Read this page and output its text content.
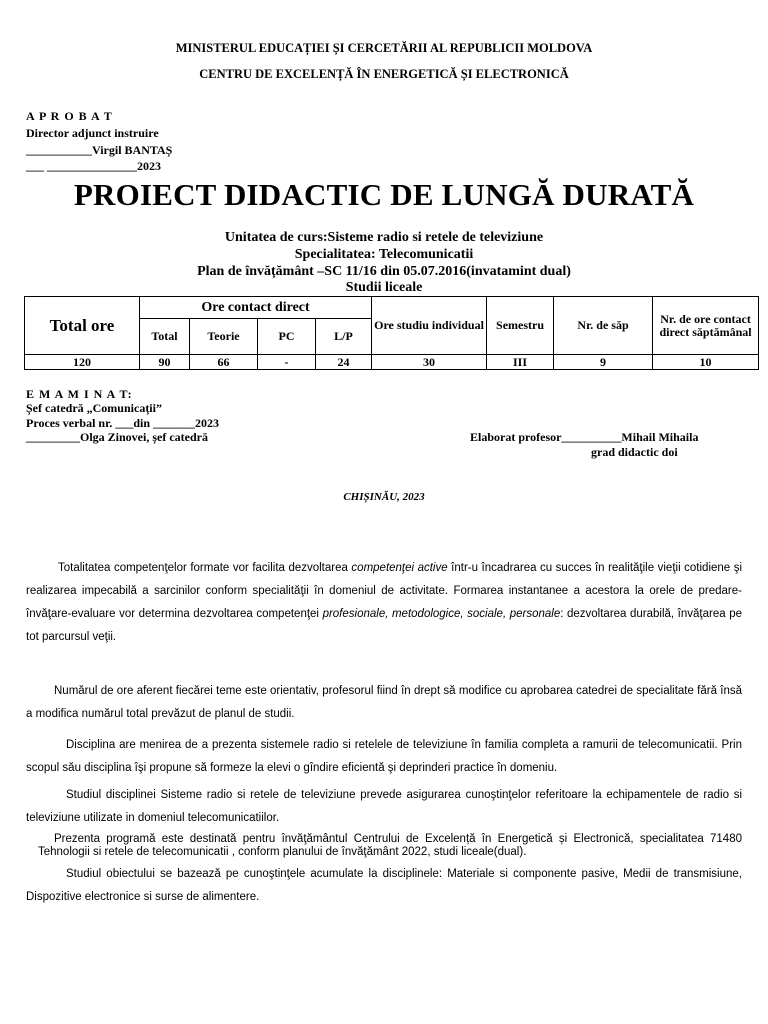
MINISTERUL EDUCAȚIEI ȘI CERCETĂRII AL REPUBLICII MOLDOVA
CENTRU DE EXCELENȚĂ ÎN ENERGETICĂ ȘI ELECTRONICĂ
A P R O B A T
Director adjunct instruire
___________Virgil BANTAȘ
___ _______________2023
PROIECT DIDACTIC DE LUNGĂ DURATĂ
Unitatea de curs:Sisteme radio si retele de televiziune
Specialitatea: Telecomunicatii
Plan de învățământ –SC 11/16 din 05.07.2016(invatamint dual)
Studii liceale
Total ore	Ore contact direct				Ore studiu individual	Semestru	Nr. de săp	Nr. de ore contact direct săptămânal
	Total	Teorie	PC	L/P				
120	90	66	-	24	30	III	9	10
E M A M I N A T:
Șef catedră „Comunicații”
Proces verbal nr. ___din _______2023
_________Olga Zinovei, șef catedră	Elaborat profesor__________Mihail Mihaila
grad didactic doi
CHIȘINĂU, 2023
Totalitatea competenţelor formate vor facilita dezvoltarea competenţei active într-u încadrarea cu succes în realităţile vieţii cotidiene şi realizarea impecabilă a sarcinilor conform specialităţii în domeniul de activitate. Formarea instantanee a acestora la orele de predare-învăţare-evaluare vor determina dezvoltarea competenţei profesionale, metodologice, sociale, personale: dezvoltarea durabilă, învăţarea pe tot parcursul veţii.
Numărul de ore aferent fiecărei teme este orientativ, profesorul fiind în drept să modifice cu aprobarea catedrei de specialitate fără însă a modifica numărul total prevăzut de planul de studii.
Disciplina are menirea de a prezenta sistemele radio si retelele de televiziune în familia completa a ramurii de telecomunicatii. Prin scopul său disciplina îşi propune să formeze la elevi o gîndire eficientă şi deprinderi practice în domeniu.
Studiul disciplinei Sisteme radio si retele de televiziune prevede asigurarea cunoştinţelor referitoare la echipamentele de radio si televiziune utilizate in domeniul telecomunicatiilor.
Prezenta programă este destinată pentru învăţământul Centrului de Excelență în Energetică și Electronică, specialitatea 71480 Tehnologii si retele de telecomunicatii , conform planului de învăţământ 2022, studi liceale(dual).
Studiul obiectului se bazează pe cunoştinţele acumulate la disciplinele: Materiale si componente pasive, Medii de transmisiune, Dispozitive electronice si surse de alimentere.
